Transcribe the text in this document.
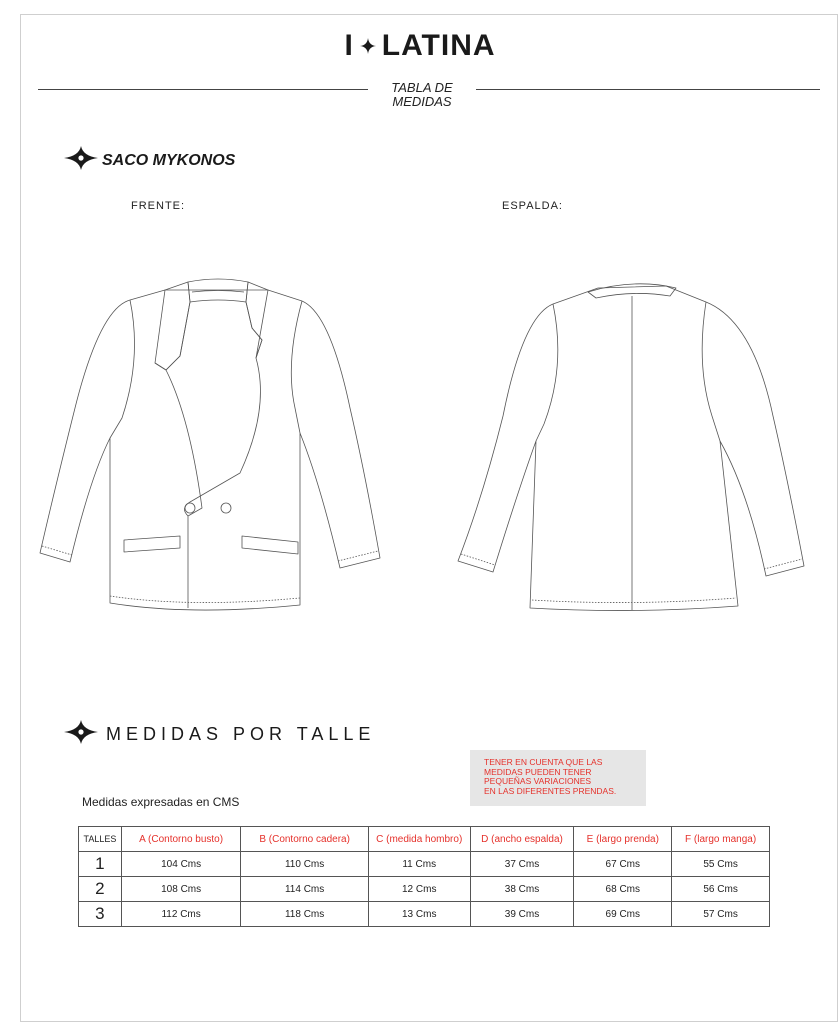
I LATINA
TABLA DE
MEDIDAS
SACO MYKONOS
FRENTE:	ESPALDA:
MEDIDAS POR TALLE
TENER EN CUENTA QUE LAS
MEDIDAS PUEDEN TENER
PEQUEÑAS VARIACIONES
EN LAS DIFERENTES PRENDAS.
Medidas expresadas en CMS
TALLES	A (Contorno busto)	B (Contorno cadera)	C (medida hombro)	D (ancho espalda)	E (largo prenda)	F (largo manga)
1	104 Cms	110 Cms	11 Cms	37 Cms	67 Cms	55 Cms
2	108 Cms	114 Cms	12 Cms	38 Cms	68 Cms	56 Cms
3	112 Cms	118 Cms	13 Cms	39 Cms	69 Cms	57 Cms
